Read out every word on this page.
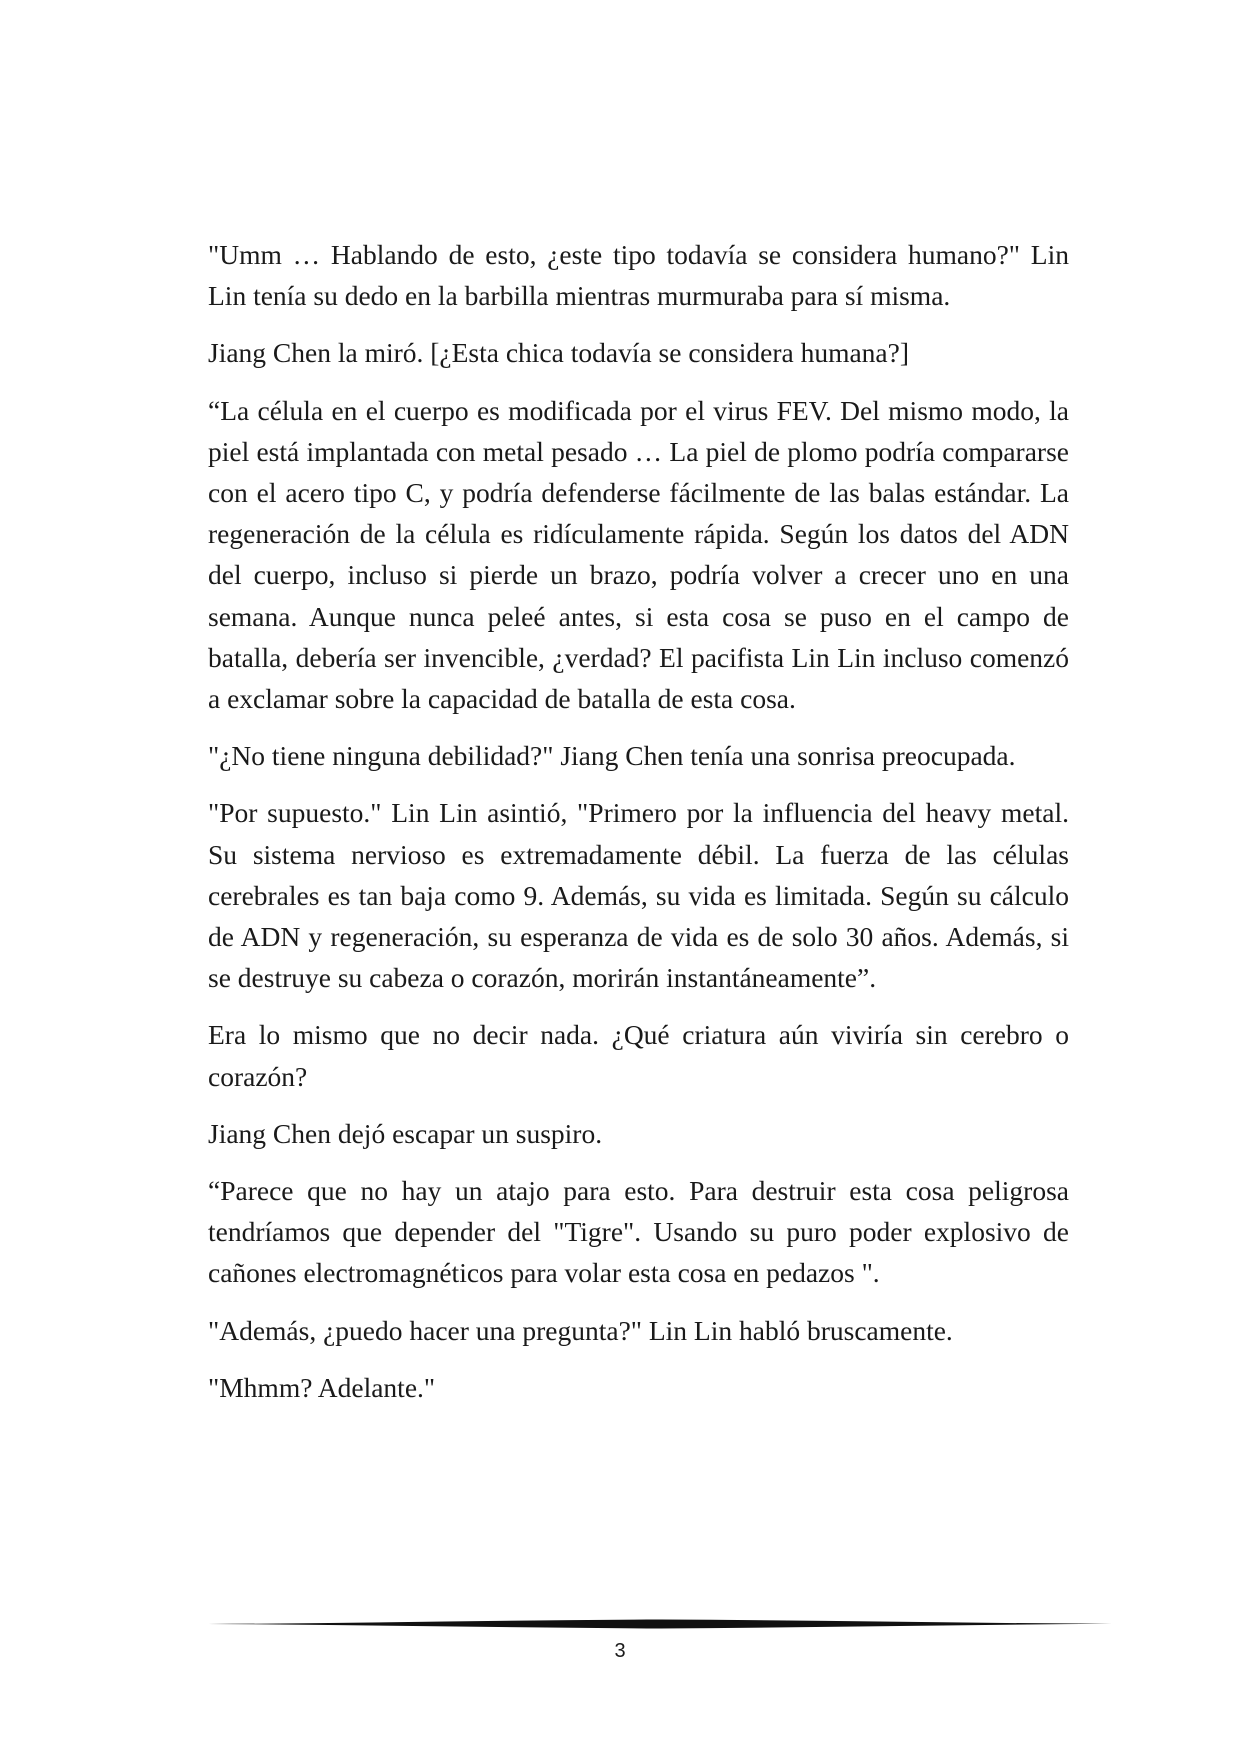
"Umm … Hablando de esto, ¿este tipo todavía se considera humano?" Lin Lin tenía su dedo en la barbilla mientras murmuraba para sí misma.

Jiang Chen la miró. [¿Esta chica todavía se considera humana?]

“La célula en el cuerpo es modificada por el virus FEV. Del mismo modo, la piel está implantada con metal pesado … La piel de plomo podría compararse con el acero tipo C, y podría defenderse fácilmente de las balas estándar. La regeneración de la célula es ridículamente rápida. Según los datos del ADN del cuerpo, incluso si pierde un brazo, podría volver a crecer uno en una semana. Aunque nunca peleé antes, si esta cosa se puso en el campo de batalla, debería ser invencible, ¿verdad? El pacifista Lin Lin incluso comenzó a exclamar sobre la capacidad de batalla de esta cosa.

"¿No tiene ninguna debilidad?" Jiang Chen tenía una sonrisa preocupada.

"Por supuesto." Lin Lin asintió, "Primero por la influencia del heavy metal. Su sistema nervioso es extremadamente débil. La fuerza de las células cerebrales es tan baja como 9. Además, su vida es limitada. Según su cálculo de ADN y regeneración, su esperanza de vida es de solo 30 años. Además, si se destruye su cabeza o corazón, morirán instantáneamente”.

Era lo mismo que no decir nada. ¿Qué criatura aún viviría sin cerebro o corazón?

Jiang Chen dejó escapar un suspiro.

“Parece que no hay un atajo para esto. Para destruir esta cosa peligrosa tendríamos que depender del "Tigre". Usando su puro poder explosivo de cañones electromagnéticos para volar esta cosa en pedazos ".

"Además, ¿puedo hacer una pregunta?" Lin Lin habló bruscamente.

"Mhmm? Adelante."

3
